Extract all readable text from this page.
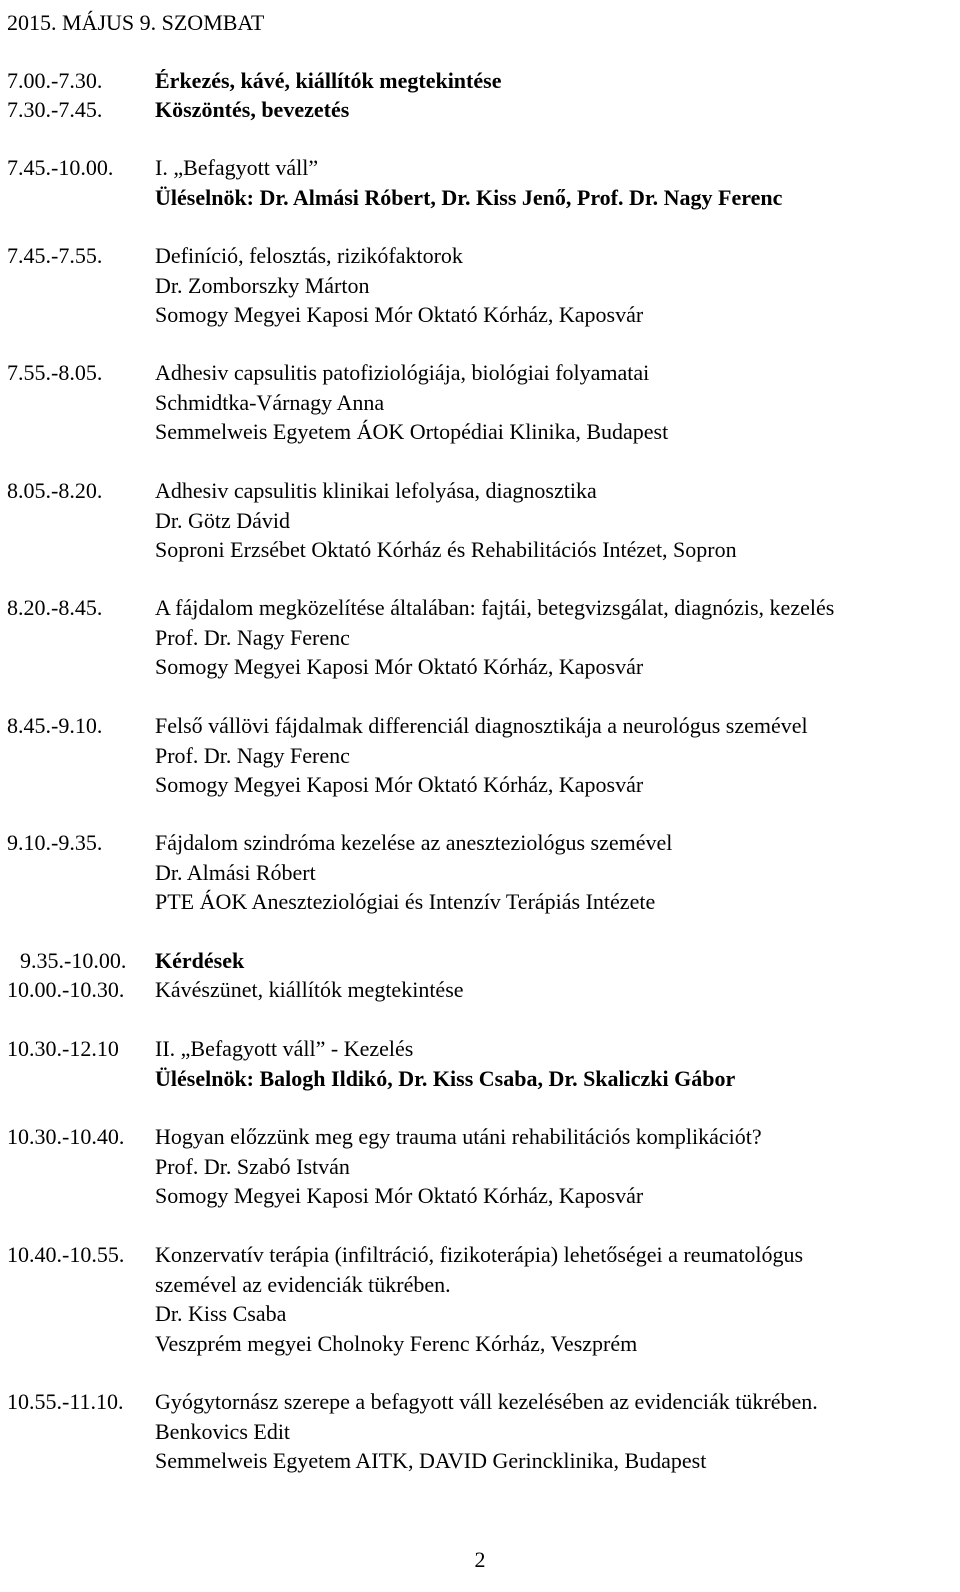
2015. MÁJUS 9. SZOMBAT
7.00.-7.30. Érkezés, kávé, kiállítók megtekintése
7.30.-7.45. Köszöntés, bevezetés
7.45.-10.00. I. „Befagyott váll”
Üléselnök: Dr. Almási Róbert, Dr. Kiss Jenő, Prof. Dr. Nagy Ferenc
7.45.-7.55. Definíció, felosztás, rizikófaktorok
Dr. Zomborszky Márton
Somogy Megyei Kaposi Mór Oktató Kórház, Kaposvár
7.55.-8.05. Adhesiv capsulitis patofiziológiája, biológiai folyamatai
Schmidtka-Várnagy Anna
Semmelweis Egyetem ÁOK Ortopédiai Klinika, Budapest
8.05.-8.20. Adhesiv capsulitis klinikai lefolyása, diagnosztika
Dr. Götz Dávid
Soproni Erzsébet Oktató Kórház és Rehabilitációs Intézet, Sopron
8.20.-8.45. A fájdalom megközelítése általában: fajtái, betegvizsgálat, diagnózis, kezelés
Prof. Dr. Nagy Ferenc
Somogy Megyei Kaposi Mór Oktató Kórház, Kaposvár
8.45.-9.10. Felső vállövi fájdalmak differenciál diagnosztikája a neurológus szemével
Prof. Dr. Nagy Ferenc
Somogy Megyei Kaposi Mór Oktató Kórház, Kaposvár
9.10.-9.35. Fájdalom szindróma kezelése az aneszteziológus szemével
Dr. Almási Róbert
PTE ÁOK Aneszteziológiai és Intenzív Terápiás Intézete
9.35.-10.00. Kérdések
10.00.-10.30. Kávészünet, kiállítók megtekintése
10.30.-12.10 II. „Befagyott váll” - Kezelés
Üléselnök: Balogh Ildikó, Dr. Kiss Csaba, Dr. Skaliczki Gábor
10.30.-10.40. Hogyan előzzünk meg egy trauma utáni rehabilitációs komplikációt?
Prof. Dr. Szabó István
Somogy Megyei Kaposi Mór Oktató Kórház, Kaposvár
10.40.-10.55. Konzervatív terápia (infiltráció, fizikoterápia) lehetőségei a reumatológus
szemével az evidenciák tükrében.
Dr. Kiss Csaba
Veszprém megyei Cholnoky Ferenc Kórház, Veszprém
10.55.-11.10. Gyógytornász szerepe a befagyott váll kezelésében az evidenciák tükrében.
Benkovics Edit
Semmelweis Egyetem AITK, DAVID Gerincklinika, Budapest
2
